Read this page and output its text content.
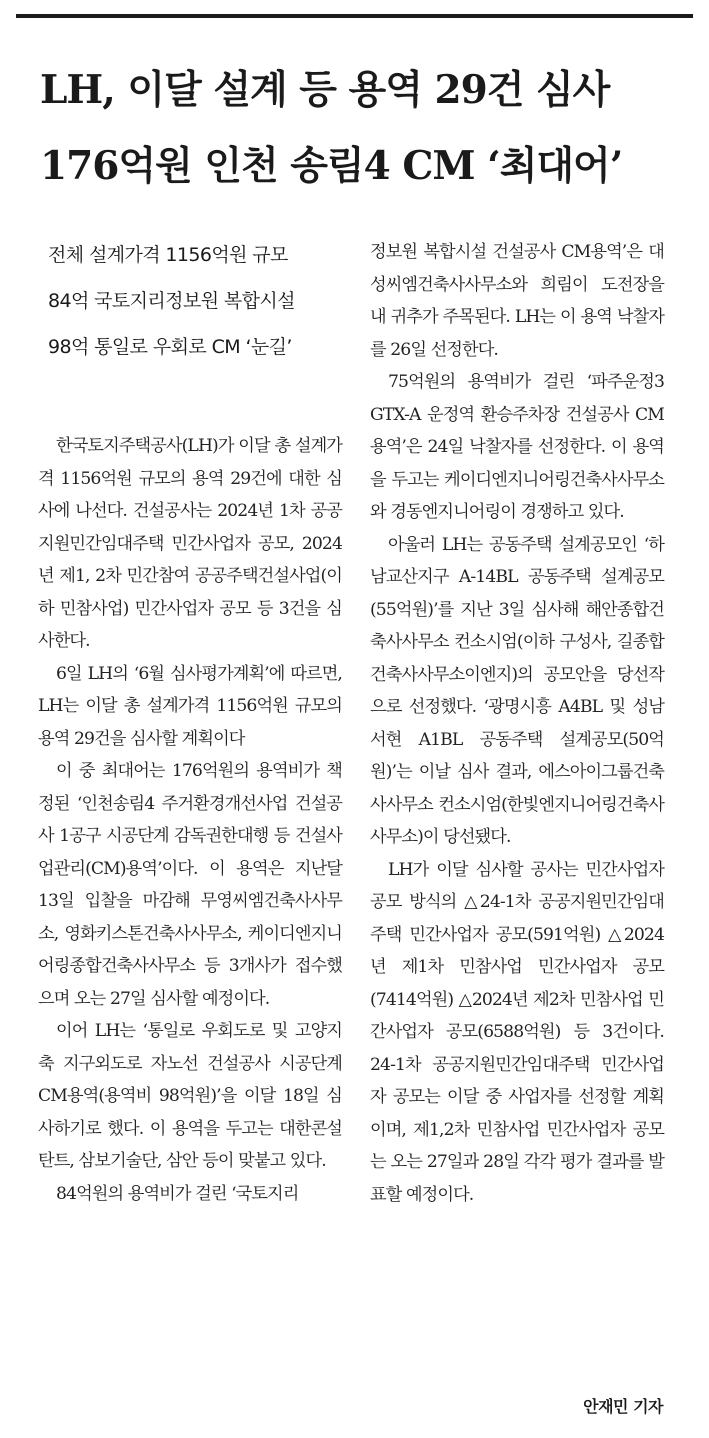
LH, 이달 설계 등 용역 29건 심사
176억원 인천 송림4 CM ‘최대어’
전체 설계가격 1156억원 규모
84억 국토지리정보원 복합시설
98억 통일로 우회로 CM ‘눈길’

한국토지주택공사(LH)가 이달 총 설계가격 1156억원 규모의 용역 29건에 대한 심사에 나선다. 건설공사는 2024년 1차 공공지원민간임대주택 민간사업자 공모, 2024년 제1, 2차 민간참여 공공주택건설사업(이하 민참사업) 민간사업자 공모 등 3건을 심사한다.

6일 LH의 ‘6월 심사평가계획’에 따르면, LH는 이달 총 설계가격 1156억원 규모의 용역 29건을 심사할 계획이다

이 중 최대어는 176억원의 용역비가 책정된 ‘인천송림4 주거환경개선사업 건설공사 1공구 시공단계 감독권한대행 등 건설사업관리(CM)용역’이다. 이 용역은 지난달 13일 입찰을 마감해 무영씨엠건축사사무소, 영화키스톤건축사사무소, 케이디엔지니어링종합건축사사무소 등 3개사가 접수했으며 오는 27일 심사할 예정이다.

이어 LH는 ‘통일로 우회도로 및 고양지축 지구외도로 자노선 건설공사 시공단계 CM용역(용역비 98억원)’을 이달 18일 심사하기로 했다. 이 용역을 두고는 대한콘설탄트, 삼보기술단, 삼안 등이 맞붙고 있다.

84억원의 용역비가 걸린 ‘국토지리

정보원 복합시설 건설공사 CM용역’은 대성씨엠건축사사무소와 희림이 도전장을 내 귀추가 주목된다. LH는 이 용역 낙찰자를 26일 선정한다.

75억원의 용역비가 걸린 ‘파주운정3 GTX-A 운정역 환승주차장 건설공사 CM용역’은 24일 낙찰자를 선정한다. 이 용역을 두고는 케이디엔지니어링건축사사무소와 경동엔지니어링이 경쟁하고 있다.

아울러 LH는 공동주택 설계공모인 ‘하남교산지구 A-14BL 공동주택 설계공모(55억원)’를 지난 3일 심사해 해안종합건축사사무소 컨소시엄(이하 구성사, 길종합건축사사무소이엔지)의 공모안을 당선작으로 선정했다. ‘광명시흥 A4BL 및 성남서현 A1BL 공동주택 설계공모(50억원)’는 이날 심사 결과, 에스아이그룹건축사사무소 컨소시엄(한빛엔지니어링건축사사무소)이 당선됐다.

LH가 이달 심사할 공사는 민간사업자 공모 방식의 △24-1차 공공지원민간임대주택 민간사업자 공모(591억원) △2024년 제1차 민참사업 민간사업자 공모(7414억원) △2024년 제2차 민참사업 민간사업자 공모(6588억원) 등 3건이다. 24-1차 공공지원민간임대주택 민간사업자 공모는 이달 중 사업자를 선정할 계획이며, 제1,2차 민참사업 민간사업자 공모는 오는 27일과 28일 각각 평가 결과를 발표할 예정이다.

안재민 기자
